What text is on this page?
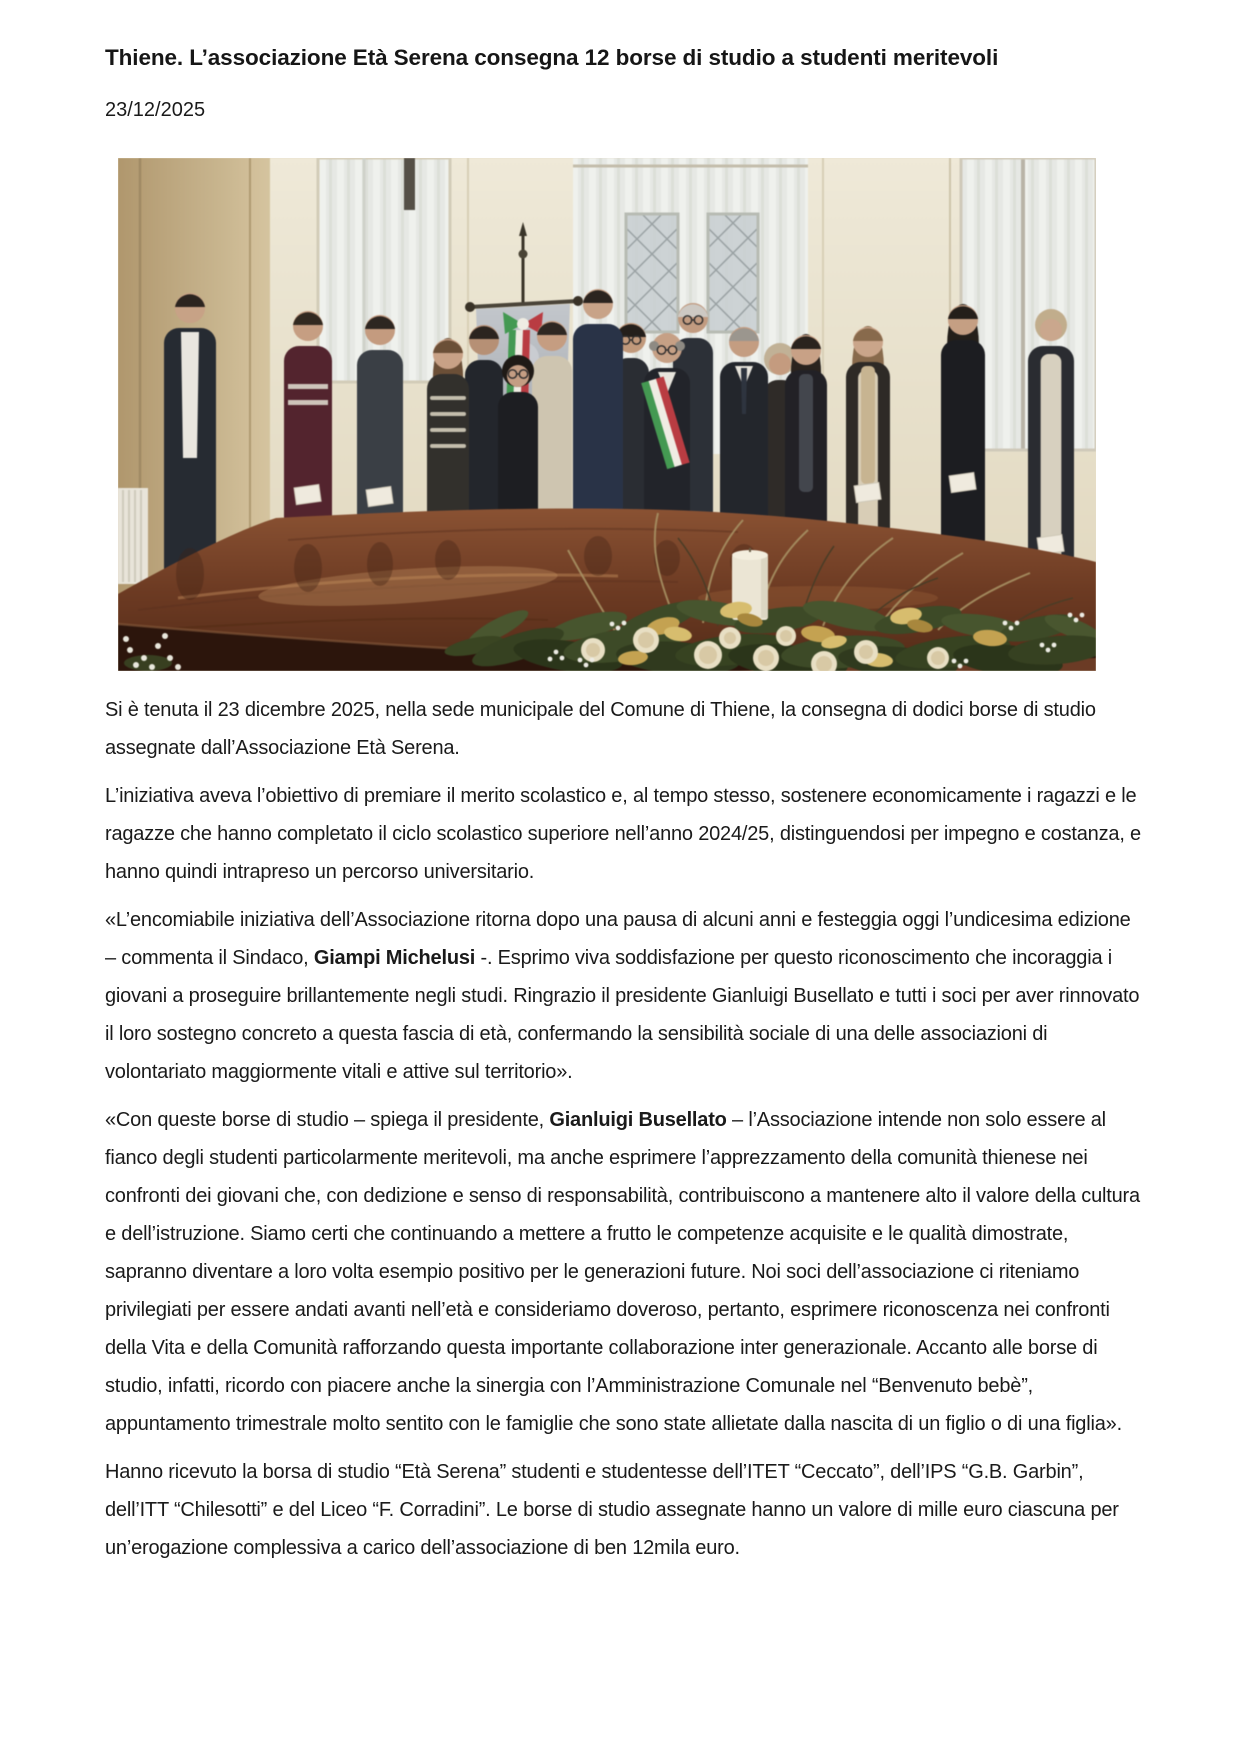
Thiene. L’associazione Età Serena consegna 12 borse di studio a studenti meritevoli

23/12/2025

Si è tenuta il 23 dicembre 2025, nella sede municipale del Comune di Thiene, la consegna di dodici borse di studio assegnate dall’Associazione Età Serena.

L’iniziativa aveva l’obiettivo di premiare il merito scolastico e, al tempo stesso, sostenere economicamente i ragazzi e le ragazze che hanno completato il ciclo scolastico superiore nell’anno 2024/25, distinguendosi per impegno e costanza, e hanno quindi intrapreso un percorso universitario.

«L’encomiabile iniziativa dell’Associazione ritorna dopo una pausa di alcuni anni e festeggia oggi l’undicesima edizione – commenta il Sindaco, Giampi Michelusi -. Esprimo viva soddisfazione per questo riconoscimento che incoraggia i giovani a proseguire brillantemente negli studi. Ringrazio il presidente Gianluigi Busellato e tutti i soci per aver rinnovato il loro sostegno concreto a questa fascia di età, confermando la sensibilità sociale di una delle associazioni di volontariato maggiormente vitali e attive sul territorio».

«Con queste borse di studio – spiega il presidente, Gianluigi Busellato – l’Associazione intende non solo essere al fianco degli studenti particolarmente meritevoli, ma anche esprimere l’apprezzamento della comunità thienese nei confronti dei giovani che, con dedizione e senso di responsabilità, contribuiscono a mantenere alto il valore della cultura e dell’istruzione. Siamo certi che continuando a mettere a frutto le competenze acquisite e le qualità dimostrate, sapranno diventare a loro volta esempio positivo per le generazioni future. Noi soci dell’associazione ci riteniamo privilegiati per essere andati avanti nell’età e consideriamo doveroso, pertanto, esprimere riconoscenza nei confronti della Vita e della Comunità rafforzando questa importante collaborazione inter generazionale. Accanto alle borse di studio, infatti, ricordo con piacere anche la sinergia con l’Amministrazione Comunale nel “Benvenuto bebè”, appuntamento trimestrale molto sentito con le famiglie che sono state allietate dalla nascita di un figlio o di una figlia».

Hanno ricevuto la borsa di studio “Età Serena” studenti e studentesse dell’ITET “Ceccato”, dell’IPS “G.B. Garbin”, dell’ITT “Chilesotti” e del Liceo “F. Corradini”. Le borse di studio assegnate hanno un valore di mille euro ciascuna per un’erogazione complessiva a carico dell’associazione di ben 12mila euro.
